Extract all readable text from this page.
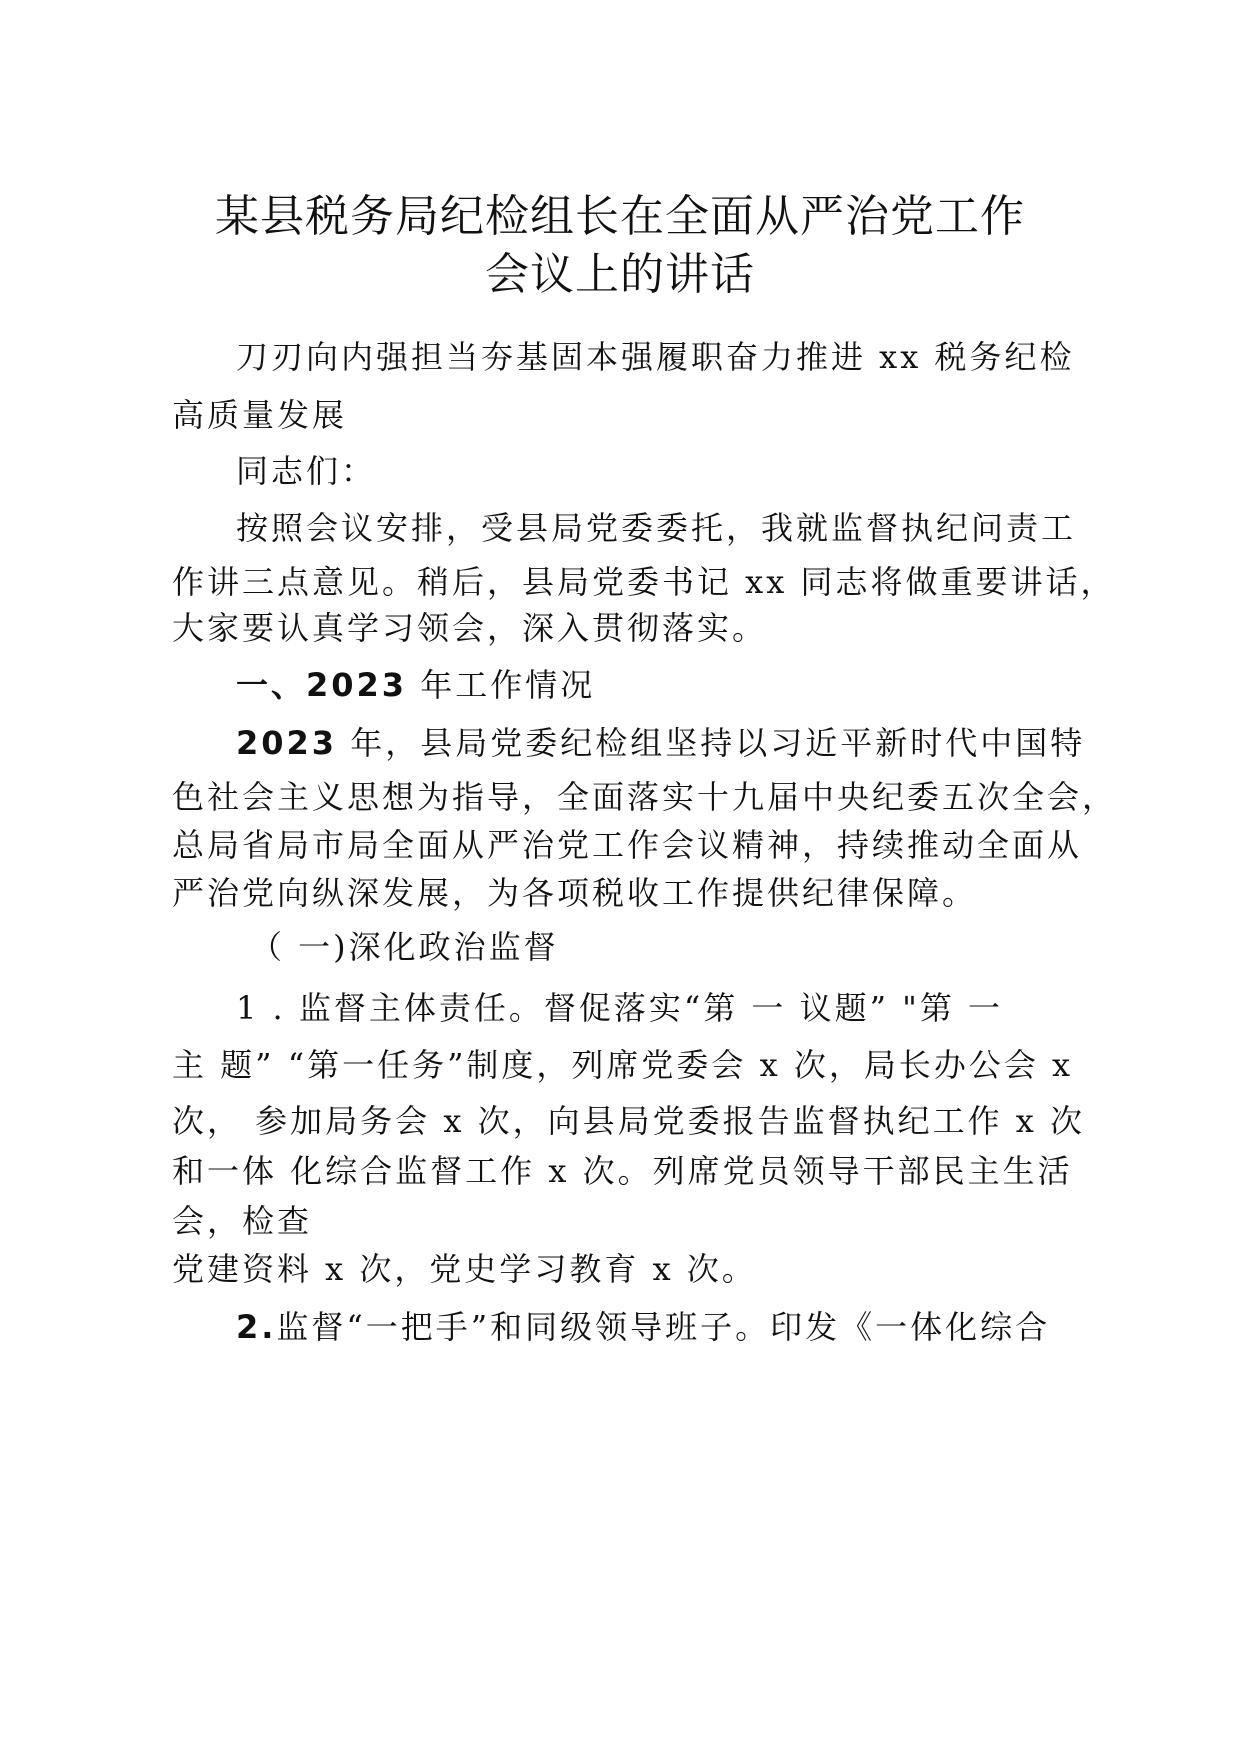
某县税务局纪检组长在全面从严治党工作
会议上的讲话
刀刃向内强担当夯基固本强履职奋力推进 xx 税务纪检
高质量发展
同志们：
按照会议安排，受县局党委委托，我就监督执纪问责工
作讲三点意见。稍后，县局党委书记 xx 同志将做重要讲话，
大家要认真学习领会，深入贯彻落实。
一、2023 年工作情况
2023 年，县局党委纪检组坚持以习近平新时代中国特
色社会主义思想为指导，全面落实十九届中央纪委五次全会，
总局省局市局全面从严治党工作会议精神，持续推动全面从
严治党向纵深发展，为各项税收工作提供纪律保障。
（ 一)深化政治监督
1 . 监督主体责任。督促落实“第 一 议题” "第 一
主 题” “第一任务”制度，列席党委会 x 次，局长办公会 x
次， 参加局务会 x 次，向县局党委报告监督执纪工作 x 次
和一体 化综合监督工作 x 次。列席党员领导干部民主生活
会，检查
党建资料 x 次，党史学习教育 x 次。
2.监督“一把手”和同级领导班子。印发《一体化综合
